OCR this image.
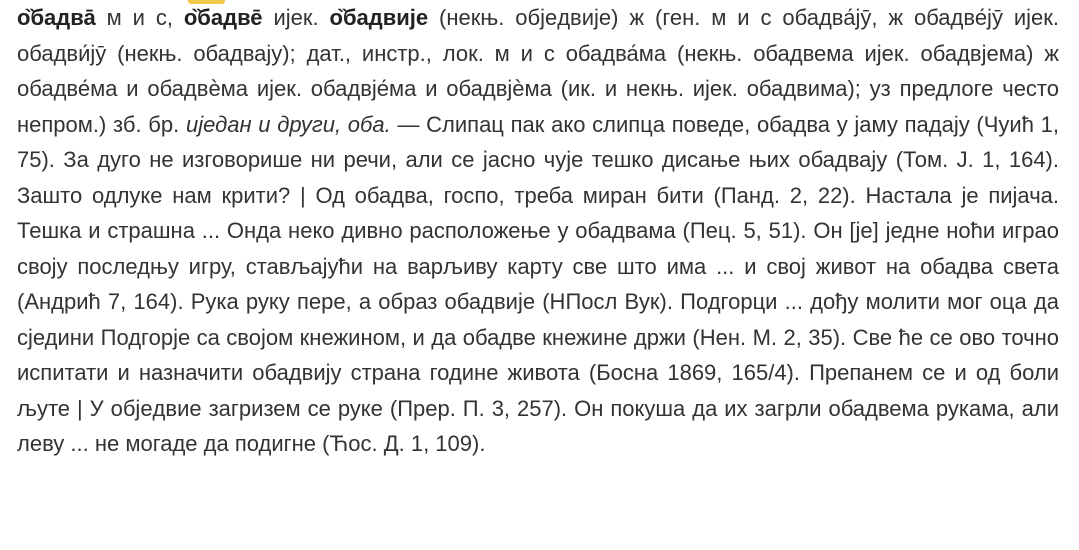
о̏бадва̄ м и с, о̏бадве̄ ијек. о̏бадвије (некњ. објeдвије) ж (ген. м и с обадва́јӯ, ж обадве́јӯ ијек. обадви́јӯ (некњ. обадвају); дат., инстр., лок. м и с обадва́ма (некњ. обадвема ијек. обадвјема) ж обадве́ма и обадвѐма ијек. обадвје́ма и обадвјѐма (ик. и некњ. ијек. обадвима); уз предлоге често непром.) зб. бр. иједан и други, оба. — Слипац пак ако слипца поведе, обадва у јаму падају (Чуић 1, 75). За дуго не изговорише ни речи, али се јасно чује тешко дисање њих обадвају (Том. Ј. 1, 164). Зашто одлуке нам крити? | Од обадва, госпо, треба миран бити (Панд. 2, 22). Настала је пијача. Тешка и страшна ... Онда неко дивно расположење у обадвама (Пец. 5, 51). Он [је] једне ноћи играо своју последњу игру, стављајући на варљиву карту све што има ... и свој живот на обадва света (Андрић 7, 164). Рука руку пере, а образ обадвије (НПосл Вук). Подгорци ... дођу молити мог оца да сједини Подгорје са својом кнежином, и да обадве кнежине држи (Нен. М. 2, 35). Све ће се ово точно испитати и назначити обадвију страна године живота (Босна 1869, 165/4). Препанем се и од боли љуте | У објeдвие загризем се руке (Прер. П. 3, 257). Он покуша да их загрли обадвема рукама, али леву ... не могаде да подигне (Ћос. Д. 1, 109).
